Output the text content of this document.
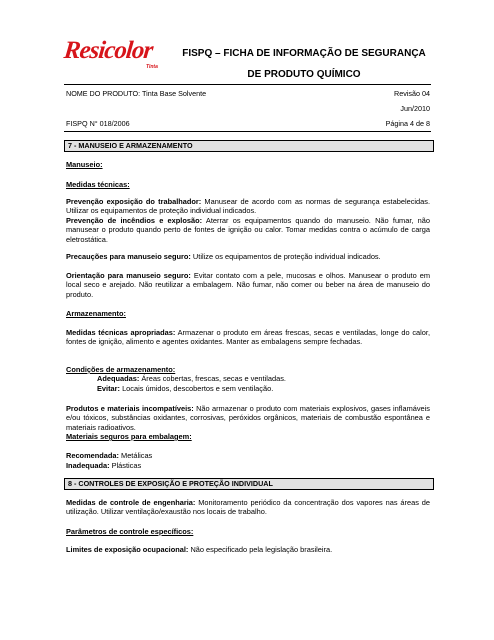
Resicolor
Tinta
FISPQ – FICHA DE INFORMAÇÃO DE SEGURANÇA
DE PRODUTO QUÍMICO
NOME DO PRODUTO: Tinta Base Solvente	Revisão 04
Jun/2010
FISPQ N° 018/2006	Página 4 de 8
7 - MANUSEIO E ARMAZENAMENTO
Manuseio:
Medidas técnicas:
Prevenção exposição do trabalhador: Manusear de acordo com as normas de segurança estabelecidas. Utilizar os equipamentos de proteção individual indicados.
Prevenção de incêndios e explosão: Aterrar os equipamentos quando do manuseio. Não fumar, não manusear o produto quando perto de fontes de ignição ou calor. Tomar medidas contra o acúmulo de carga eletrostática.
Precauções para manuseio seguro: Utilize os equipamentos de proteção individual indicados.
Orientação para manuseio seguro: Evitar contato com a pele, mucosas e olhos. Manusear o produto em local seco e arejado. Não reutilizar a embalagem. Não fumar, não comer ou beber na área de manuseio do produto.
Armazenamento:
Medidas técnicas apropriadas: Armazenar o produto em áreas frescas, secas e ventiladas, longe do calor, fontes de ignição, alimento e agentes oxidantes. Manter as embalagens sempre fechadas.
Condições de armazenamento:
Adequadas: Áreas cobertas, frescas, secas e ventiladas.
Evitar: Locais úmidos, descobertos e sem ventilação.
Produtos e materiais incompatíveis: Não armazenar o produto com materiais explosivos, gases inflamáveis e/ou tóxicos, substâncias oxidantes, corrosivas, peróxidos orgânicos, materiais de combustão espontânea e materiais radioativos.
Materiais seguros para embalagem:
Recomendada: Metálicas
Inadequada: Plásticas
8 - CONTROLES DE EXPOSIÇÃO E PROTEÇÃO INDIVIDUAL
Medidas de controle de engenharia: Monitoramento periódico da concentração dos vapores nas áreas de utilização. Utilizar ventilação/exaustão nos locais de trabalho.
Parâmetros de controle específicos:
Limites de exposição ocupacional: Não especificado pela legislação brasileira.
